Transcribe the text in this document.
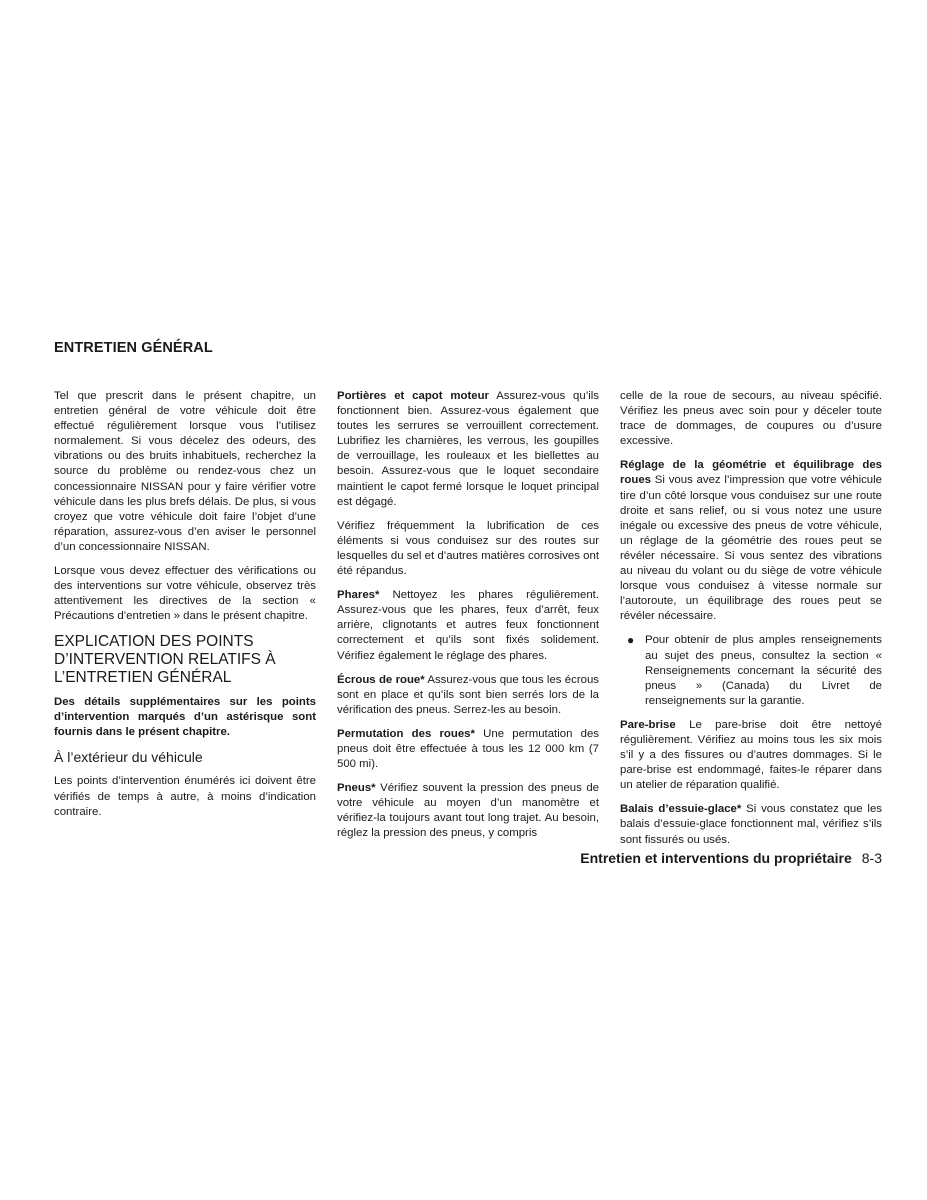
ENTRETIEN GÉNÉRAL

Tel que prescrit dans le présent chapitre, un entretien général de votre véhicule doit être effectué régulièrement lorsque vous l’utilisez normalement. Si vous décelez des odeurs, des vibrations ou des bruits inhabituels, recherchez la source du problème ou rendez-vous chez un concessionnaire NISSAN pour y faire vérifier votre véhicule dans les plus brefs délais. De plus, si vous croyez que votre véhicule doit faire l’objet d’une réparation, assurez-vous d’en aviser le personnel d’un concessionnaire NISSAN.

Lorsque vous devez effectuer des vérifications ou des interventions sur votre véhicule, observez très attentivement les directives de la section « Précautions d’entretien » dans le présent chapitre.

EXPLICATION DES POINTS D’INTERVENTION RELATIFS À L’ENTRETIEN GÉNÉRAL

Des détails supplémentaires sur les points d’intervention marqués d’un astérisque sont fournis dans le présent chapitre.

À l’extérieur du véhicule

Les points d’intervention énumérés ici doivent être vérifiés de temps à autre, à moins d’indication contraire.

Portières et capot moteur Assurez-vous qu’ils fonctionnent bien. Assurez-vous également que toutes les serrures se verrouillent correctement. Lubrifiez les charnières, les verrous, les goupilles de verrouillage, les rouleaux et les biellettes au besoin. Assurez-vous que le loquet secondaire maintient le capot fermé lorsque le loquet principal est dégagé.

Vérifiez fréquemment la lubrification de ces éléments si vous conduisez sur des routes sur lesquelles du sel et d’autres matières corrosives ont été répandus.

Phares* Nettoyez les phares régulièrement. Assurez-vous que les phares, feux d’arrêt, feux arrière, clignotants et autres feux fonctionnent correctement et qu’ils sont fixés solidement. Vérifiez également le réglage des phares.

Écrous de roue* Assurez-vous que tous les écrous sont en place et qu’ils sont bien serrés lors de la vérification des pneus. Serrez-les au besoin.

Permutation des roues* Une permutation des pneus doit être effectuée à tous les 12 000 km (7 500 mi).

Pneus* Vérifiez souvent la pression des pneus de votre véhicule au moyen d’un manomètre et vérifiez-la toujours avant tout long trajet. Au besoin, réglez la pression des pneus, y compris

celle de la roue de secours, au niveau spécifié. Vérifiez les pneus avec soin pour y déceler toute trace de dommages, de coupures ou d’usure excessive.

Réglage de la géométrie et équilibrage des roues Si vous avez l’impression que votre véhicule tire d’un côté lorsque vous conduisez sur une route droite et sans relief, ou si vous notez une usure inégale ou excessive des pneus de votre véhicule, un réglage de la géométrie des roues peut se révéler nécessaire. Si vous sentez des vibrations au niveau du volant ou du siège de votre véhicule lorsque vous conduisez à vitesse normale sur l’autoroute, un équilibrage des roues peut se révéler nécessaire.

● Pour obtenir de plus amples renseignements au sujet des pneus, consultez la section « Renseignements concernant la sécurité des pneus » (Canada) du Livret de renseignements sur la garantie.

Pare-brise Le pare-brise doit être nettoyé régulièrement. Vérifiez au moins tous les six mois s’il y a des fissures ou d’autres dommages. Si le pare-brise est endommagé, faites-le réparer dans un atelier de réparation qualifié.

Balais d’essuie-glace* Si vous constatez que les balais d’essuie-glace fonctionnent mal, vérifiez s’ils sont fissurés ou usés.

Entretien et interventions du propriétaire 8-3
